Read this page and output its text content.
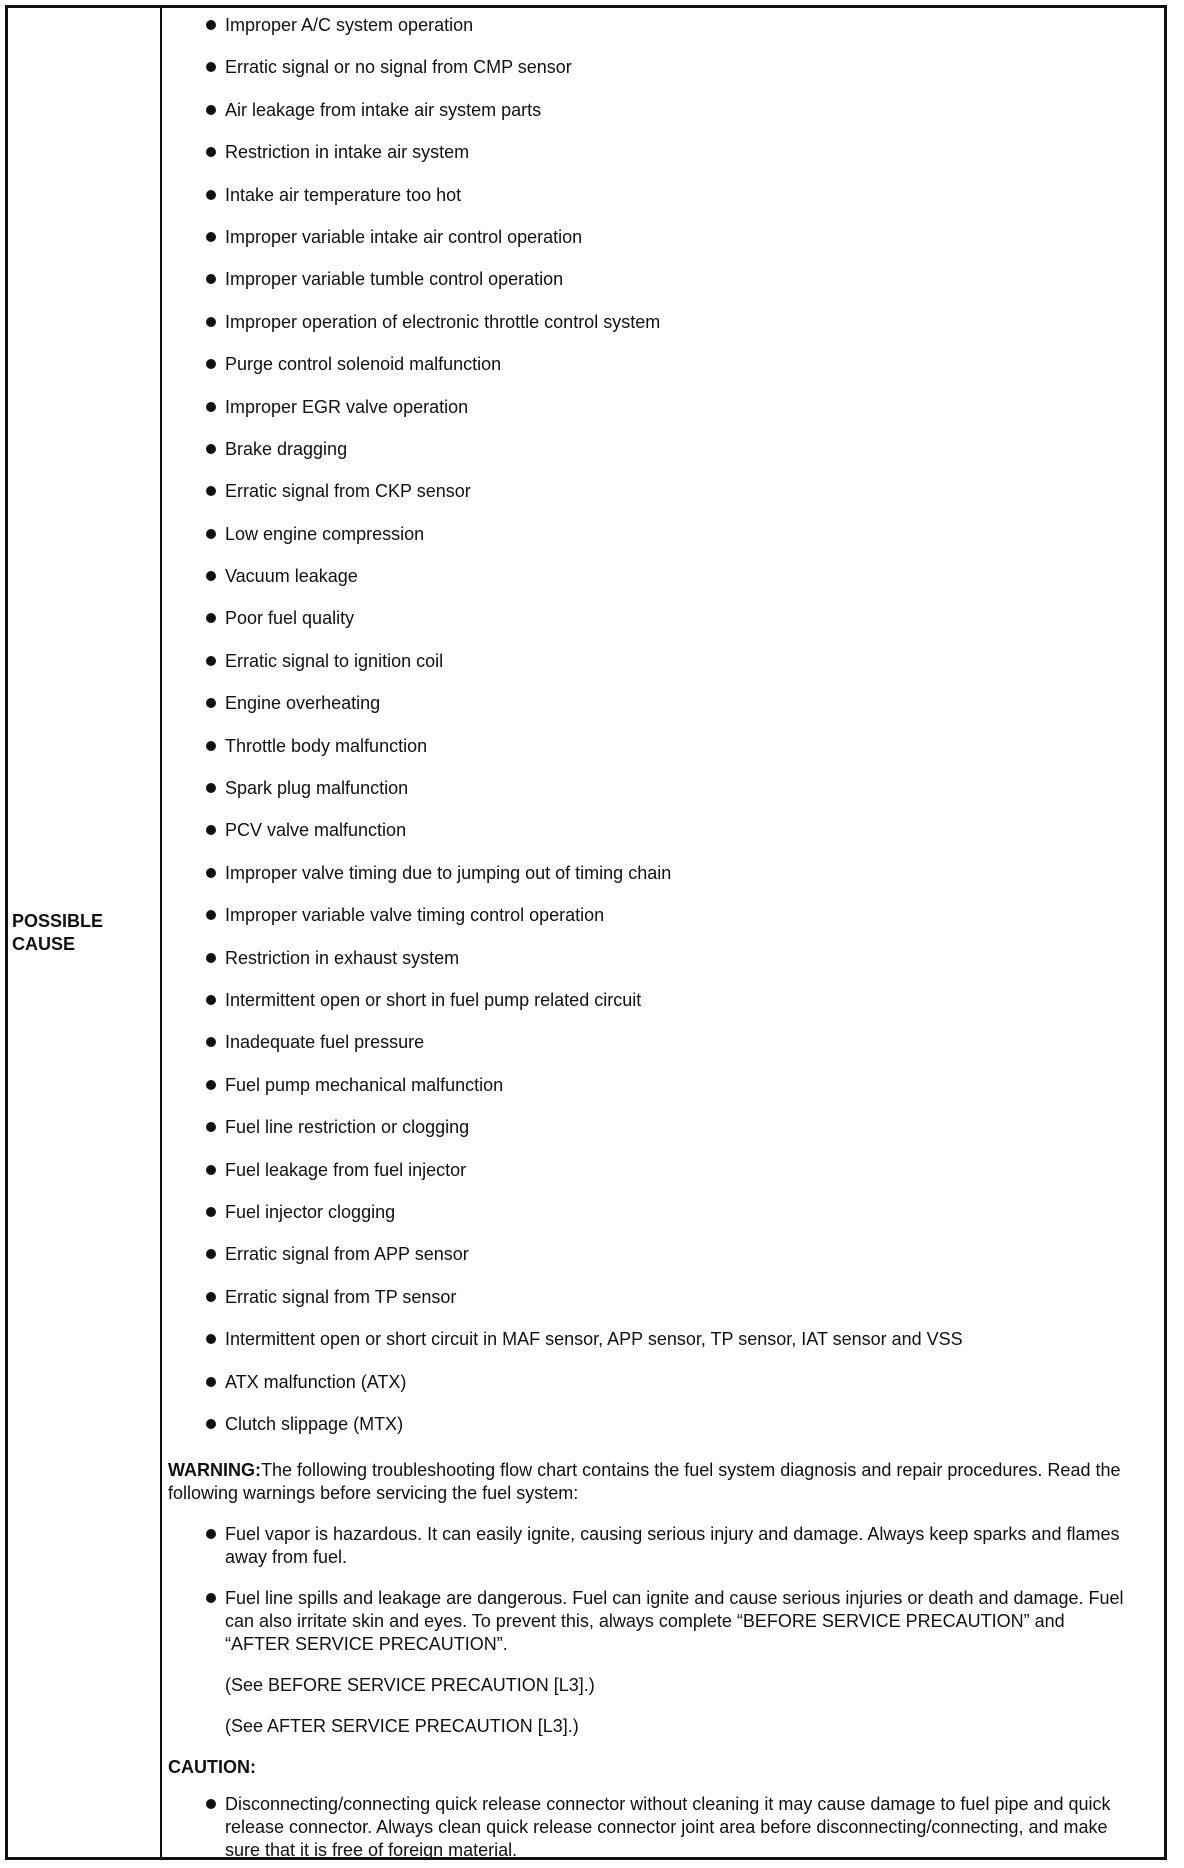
POSSIBLE
CAUSE
Improper A/C system operation
Erratic signal or no signal from CMP sensor
Air leakage from intake air system parts
Restriction in intake air system
Intake air temperature too hot
Improper variable intake air control operation
Improper variable tumble control operation
Improper operation of electronic throttle control system
Purge control solenoid malfunction
Improper EGR valve operation
Brake dragging
Erratic signal from CKP sensor
Low engine compression
Vacuum leakage
Poor fuel quality
Erratic signal to ignition coil
Engine overheating
Throttle body malfunction
Spark plug malfunction
PCV valve malfunction
Improper valve timing due to jumping out of timing chain
Improper variable valve timing control operation
Restriction in exhaust system
Intermittent open or short in fuel pump related circuit
Inadequate fuel pressure
Fuel pump mechanical malfunction
Fuel line restriction or clogging
Fuel leakage from fuel injector
Fuel injector clogging
Erratic signal from APP sensor
Erratic signal from TP sensor
Intermittent open or short circuit in MAF sensor, APP sensor, TP sensor, IAT sensor and VSS
ATX malfunction (ATX)
Clutch slippage (MTX)
WARNING:The following troubleshooting flow chart contains the fuel system diagnosis and repair procedures. Read the following warnings before servicing the fuel system:
Fuel vapor is hazardous. It can easily ignite, causing serious injury and damage. Always keep sparks and flames away from fuel.
Fuel line spills and leakage are dangerous. Fuel can ignite and cause serious injuries or death and damage. Fuel can also irritate skin and eyes. To prevent this, always complete “BEFORE SERVICE PRECAUTION” and “AFTER SERVICE PRECAUTION”.
(See BEFORE SERVICE PRECAUTION [L3].)
(See AFTER SERVICE PRECAUTION [L3].)
CAUTION:
Disconnecting/connecting quick release connector without cleaning it may cause damage to fuel pipe and quick release connector. Always clean quick release connector joint area before disconnecting/connecting, and make sure that it is free of foreign material.
